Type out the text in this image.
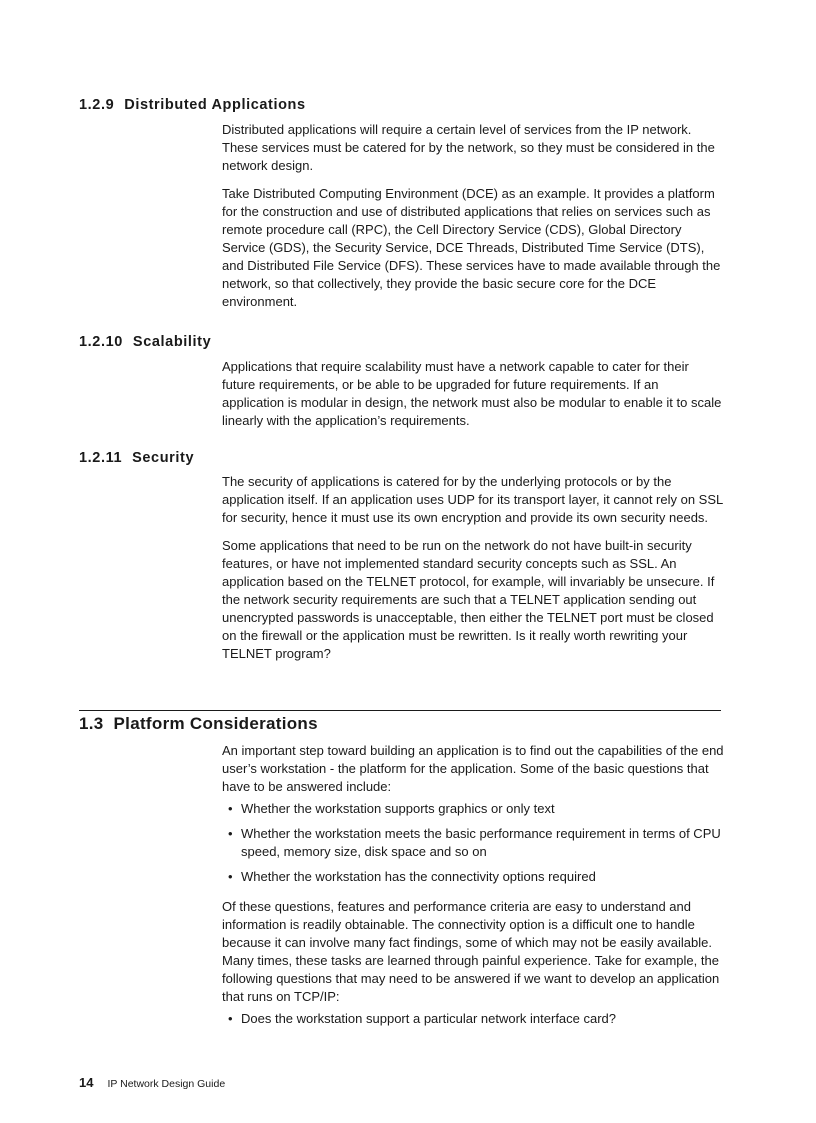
1.2.9 Distributed Applications

Distributed applications will require a certain level of services from the IP network. These services must be catered for by the network, so they must be considered in the network design.

Take Distributed Computing Environment (DCE) as an example. It provides a platform for the construction and use of distributed applications that relies on services such as remote procedure call (RPC), the Cell Directory Service (CDS), Global Directory Service (GDS), the Security Service, DCE Threads, Distributed Time Service (DTS), and Distributed File Service (DFS). These services have to made available through the network, so that collectively, they provide the basic secure core for the DCE environment.

1.2.10 Scalability

Applications that require scalability must have a network capable to cater for their future requirements, or be able to be upgraded for future requirements. If an application is modular in design, the network must also be modular to enable it to scale linearly with the application’s requirements.

1.2.11 Security

The security of applications is catered for by the underlying protocols or by the application itself. If an application uses UDP for its transport layer, it cannot rely on SSL for security, hence it must use its own encryption and provide its own security needs.

Some applications that need to be run on the network do not have built-in security features, or have not implemented standard security concepts such as SSL. An application based on the TELNET protocol, for example, will invariably be unsecure. If the network security requirements are such that a TELNET application sending out unencrypted passwords is unacceptable, then either the TELNET port must be closed on the firewall or the application must be rewritten. Is it really worth rewriting your TELNET program?

1.3 Platform Considerations

An important step toward building an application is to find out the capabilities of the end user’s workstation - the platform for the application. Some of the basic questions that have to be answered include:

• Whether the workstation supports graphics or only text
• Whether the workstation meets the basic performance requirement in terms of CPU speed, memory size, disk space and so on
• Whether the workstation has the connectivity options required

Of these questions, features and performance criteria are easy to understand and information is readily obtainable. The connectivity option is a difficult one to handle because it can involve many fact findings, some of which may not be easily available. Many times, these tasks are learned through painful experience. Take for example, the following questions that may need to be answered if we want to develop an application that runs on TCP/IP:

• Does the workstation support a particular network interface card?
14 IP Network Design Guide
